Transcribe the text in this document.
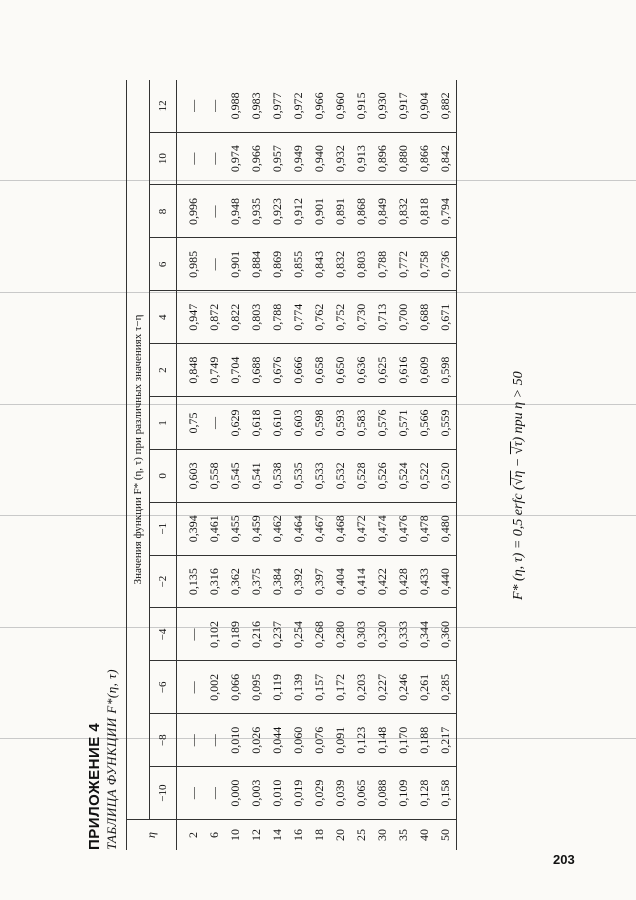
ПРИЛОЖЕНИЕ 4 ТАБЛИЦА ФУНКЦИИ F*(η, τ) η	Значения функции F* (η, τ) при различных значениях τ−η													
	−10	−8	−6	−4	−2	−1	0	1	2	4	6	8	10	12
2	—	—	—	—	0,135	0,394	0,603	0,75	0,848	0,947	0,985	0,996	—	—
6	—	—	0,002	0,102	0,316	0,461	0,558	—	0,749	0,872	—	—	—	—
10	0,000	0,010	0,066	0,189	0,362	0,455	0,545	0,629	0,704	0,822	0,901	0,948	0,974	0,988
12	0,003	0,026	0,095	0,216	0,375	0,459	0,541	0,618	0,688	0,803	0,884	0,935	0,966	0,983
14	0,010	0,044	0,119	0,237	0,384	0,462	0,538	0,610	0,676	0,788	0,869	0,923	0,957	0,977
16	0,019	0,060	0,139	0,254	0,392	0,464	0,535	0,603	0,666	0,774	0,855	0,912	0,949	0,972
18	0,029	0,076	0,157	0,268	0,397	0,467	0,533	0,598	0,658	0,762	0,843	0,901	0,940	0,966
20	0,039	0,091	0,172	0,280	0,404	0,468	0,532	0,593	0,650	0,752	0,832	0,891	0,932	0,960
25	0,065	0,123	0,203	0,303	0,414	0,472	0,528	0,583	0,636	0,730	0,803	0,868	0,913	0,915
30	0,088	0,148	0,227	0,320	0,422	0,474	0,526	0,576	0,625	0,713	0,788	0,849	0,896	0,930
35	0,109	0,170	0,246	0,333	0,428	0,476	0,524	0,571	0,616	0,700	0,772	0,832	0,880	0,917
40	0,128	0,188	0,261	0,344	0,433	0,478	0,522	0,566	0,609	0,688	0,758	0,818	0,866	0,904
50	0,158	0,217	0,285	0,360	0,440	0,480	0,520	0,559	0,598	0,671	0,736	0,794	0,842	0,882
F* (η, τ) = 0,5 erfc (√η − √τ) при η > 50
203
